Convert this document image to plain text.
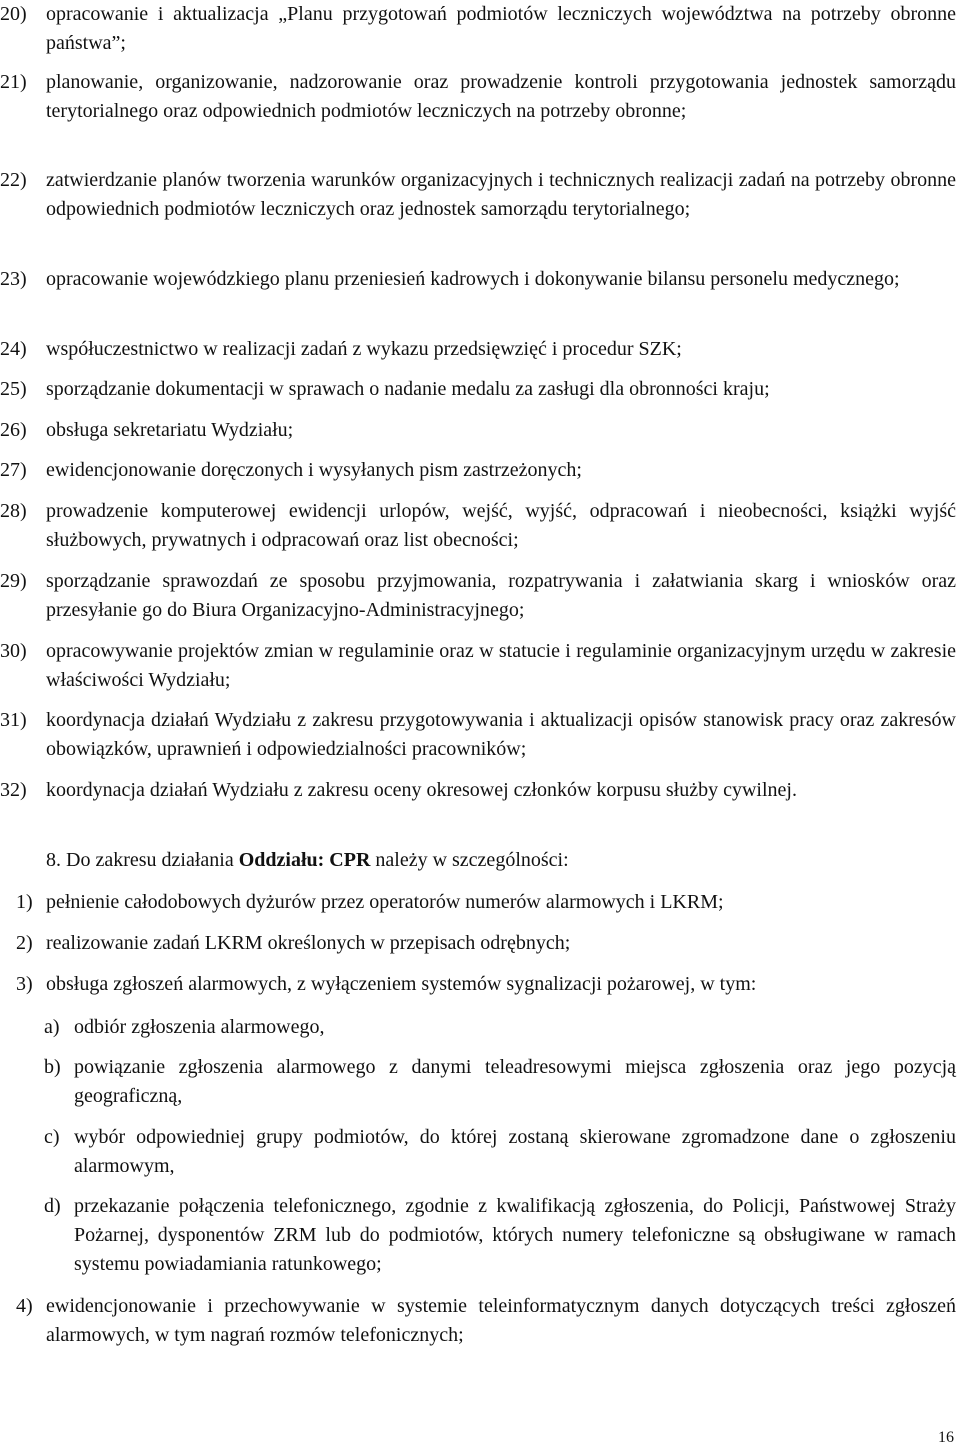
20) opracowanie i aktualizacja „Planu przygotowań podmiotów leczniczych województwa na potrzeby obronne państwa”;
21) planowanie, organizowanie, nadzorowanie oraz prowadzenie kontroli przygotowania jednostek samorządu terytorialnego oraz odpowiednich podmiotów leczniczych na potrzeby obronne;
22) zatwierdzanie planów tworzenia warunków organizacyjnych i technicznych realizacji zadań na potrzeby obronne odpowiednich podmiotów leczniczych oraz jednostek samorządu terytorialnego;
23) opracowanie wojewódzkiego planu przeniesień kadrowych i dokonywanie bilansu personelu medycznego;
24) współuczestnictwo w realizacji zadań z wykazu przedsięwzięć i procedur SZK;
25) sporządzanie dokumentacji w sprawach o nadanie medalu za zasługi dla obronności kraju;
26) obsługa sekretariatu Wydziału;
27) ewidencjonowanie doręczonych i wysyłanych pism zastrzeżonych;
28) prowadzenie komputerowej ewidencji urlopów, wejść, wyjść, odpracowań i nieobecności, książki wyjść służbowych, prywatnych i odpracowań oraz list obecności;
29) sporządzanie sprawozdań ze sposobu przyjmowania, rozpatrywania i załatwiania skarg i wniosków oraz przesyłanie go do Biura Organizacyjno-Administracyjnego;
30) opracowywanie projektów zmian w regulaminie oraz w statucie i regulaminie organizacyjnym urzędu w zakresie właściwości Wydziału;
31) koordynacja działań Wydziału z zakresu przygotowywania i aktualizacji opisów stanowisk pracy oraz zakresów obowiązków, uprawnień i odpowiedzialności pracowników;
32) koordynacja działań Wydziału z zakresu oceny okresowej członków korpusu służby cywilnej.
8. Do zakresu działania Oddziału: CPR należy w szczególności:
1) pełnienie całodobowych dyżurów przez operatorów numerów alarmowych i LKRM;
2) realizowanie zadań LKRM określonych w przepisach odrębnych;
3) obsługa zgłoszeń alarmowych, z wyłączeniem systemów sygnalizacji pożarowej, w tym:
a) odbiór zgłoszenia alarmowego,
b) powiązanie zgłoszenia alarmowego z danymi teleadresowymi miejsca zgłoszenia oraz jego pozycją geograficzną,
c) wybór odpowiedniej grupy podmiotów, do której zostaną skierowane zgromadzone dane o zgłoszeniu alarmowym,
d) przekazanie połączenia telefonicznego, zgodnie z kwalifikacją zgłoszenia, do Policji, Państwowej Straży Pożarnej, dysponentów ZRM lub do podmiotów, których numery telefoniczne są obsługiwane w ramach systemu powiadamiania ratunkowego;
4) ewidencjonowanie i przechowywanie w systemie teleinformatycznym danych dotyczących treści zgłoszeń alarmowych, w tym nagrań rozmów telefonicznych;
16
